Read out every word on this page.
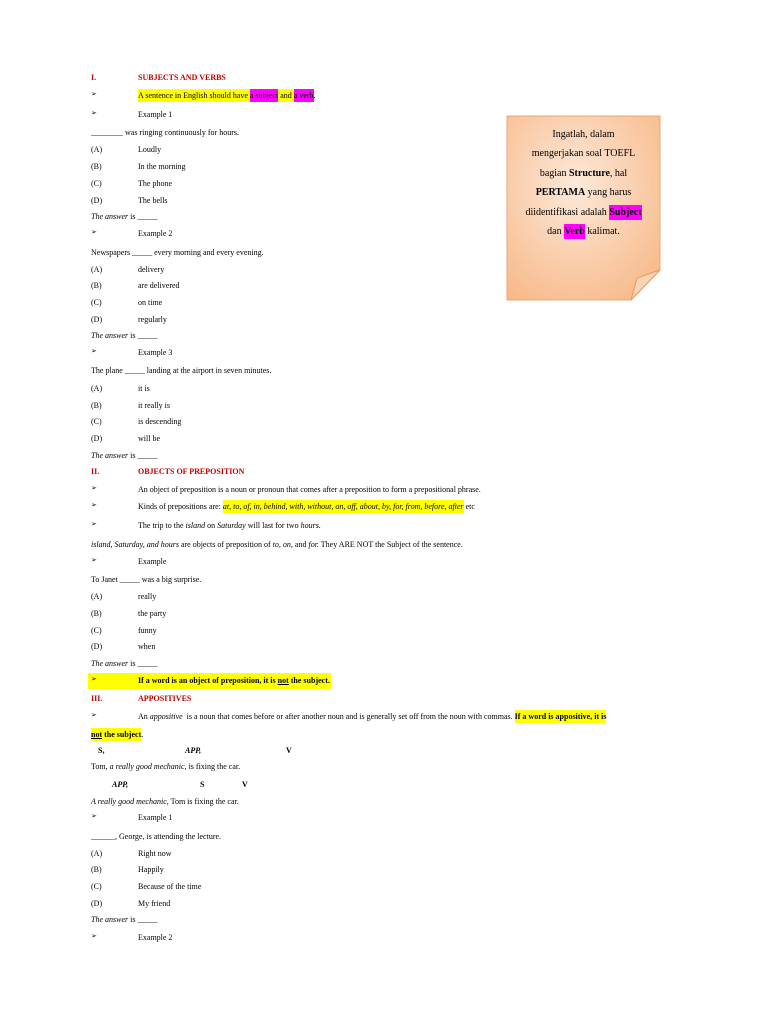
I.	SUBJECTS AND VERBS
➢	A sentence in English should have a subject and a verb.
➢	Example 1
________ was ringing continuously for hours.
(A)	Loudly
(B)	In the morning
(C)	The phone
(D)	The bells
The answer is _____
➢	Example 2
Newspapers _____ every morning and every evening.
(A)	delivery
(B)	are delivered
(C)	on time
(D)	regularly
The answer is _____
➢	Example 3
The plane _____ landing at the airport in seven minutes.
(A)	it is
(B)	it really is
(C)	is descending
(D)	will be
The answer is _____
II.	OBJECTS OF PREPOSITION
➢	An object of preposition is a noun or pronoun that comes after a preposition to form a prepositional phrase.
➢	Kinds of prepositions are: at, to, of, in, behind, with, without, on, off, about, by, for, from, before, after etc
➢	The trip to the island on Saturday will last for two hours.
island, Saturday, and hours are objects of preposition of to, on, and for. They ARE NOT the Subject of the sentence.
➢	Example
To Janet _____ was a big surprise.
(A)	really
(B)	the party
(C)	funny
(D)	when
The answer is _____
➢	If a word is an object of preposition, it is not the subject.
III.	APPOSITIVES
➢	An appositive  is a noun that comes before or after another noun and is generally set off from the noun with commas. If a word is appositive, it is
not the subject.
S,	APP,	V
Tom, a really good mechanic, is fixing the car.
APP,	S	V
A really good mechanic, Tom is fixing the car.
➢	Example 1
______, George, is attending the lecture.
(A)	Right now
(B)	Happily
(C)	Because of the time
(D)	My friend
The answer is _____
➢	Example 2
Ingatlah, dalam
mengerjakan soal TOEFL
bagian Structure, hal
PERTAMA yang harus
diidentifikasi adalah Subject
dan Verb kalimat.
